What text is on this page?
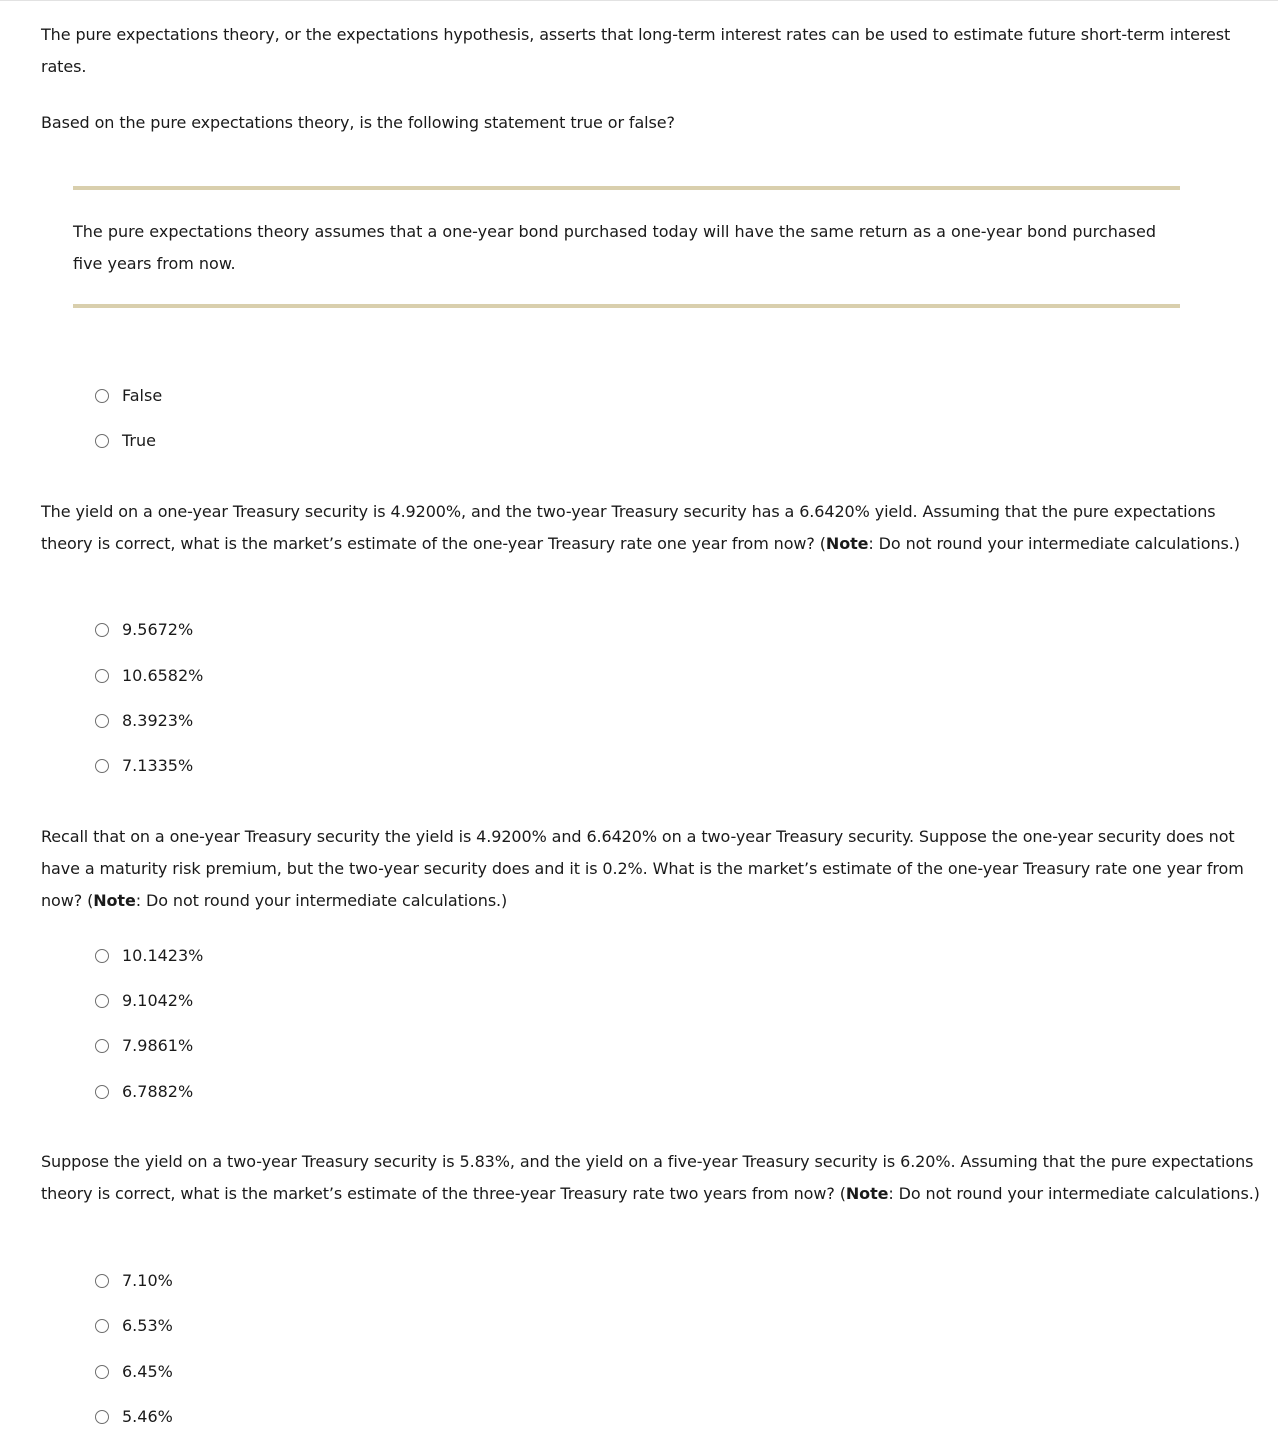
The pure expectations theory, or the expectations hypothesis, asserts that long-term interest rates can be used to estimate future short-term interest rates.

Based on the pure expectations theory, is the following statement true or false?

The pure expectations theory assumes that a one-year bond purchased today will have the same return as a one-year bond purchased five years from now.

False
True

The yield on a one-year Treasury security is 4.9200%, and the two-year Treasury security has a 6.6420% yield. Assuming that the pure expectations theory is correct, what is the market’s estimate of the one-year Treasury rate one year from now? (Note: Do not round your intermediate calculations.)

9.5672%
10.6582%
8.3923%
7.1335%

Recall that on a one-year Treasury security the yield is 4.9200% and 6.6420% on a two-year Treasury security. Suppose the one-year security does not have a maturity risk premium, but the two-year security does and it is 0.2%. What is the market’s estimate of the one-year Treasury rate one year from now? (Note: Do not round your intermediate calculations.)

10.1423%
9.1042%
7.9861%
6.7882%

Suppose the yield on a two-year Treasury security is 5.83%, and the yield on a five-year Treasury security is 6.20%. Assuming that the pure expectations theory is correct, what is the market’s estimate of the three-year Treasury rate two years from now? (Note: Do not round your intermediate calculations.)

7.10%
6.53%
6.45%
5.46%
